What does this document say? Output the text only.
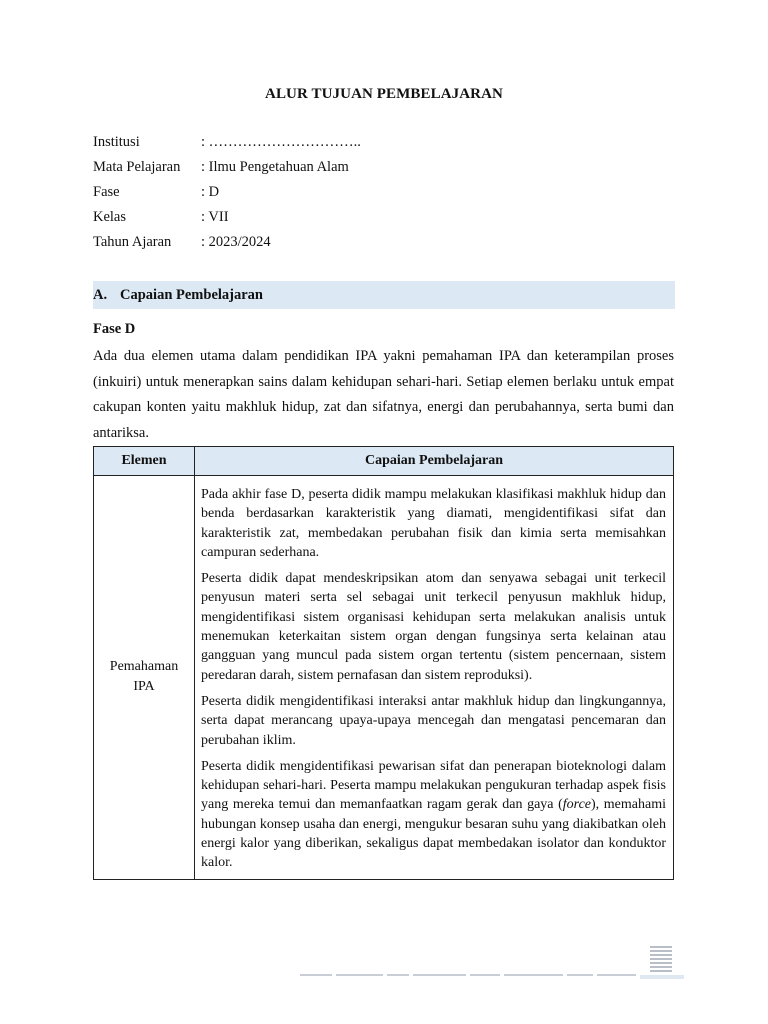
ALUR TUJUAN PEMBELAJARAN
Institusi	: …………………………..
Mata Pelajaran	: Ilmu Pengetahuan Alam
Fase	: D
Kelas	: VII
Tahun Ajaran	: 2023/2024
A. Capaian Pembelajaran
Fase D
Ada dua elemen utama dalam pendidikan IPA yakni pemahaman IPA dan keterampilan proses (inkuiri) untuk menerapkan sains dalam kehidupan sehari-hari. Setiap elemen berlaku untuk empat cakupan konten yaitu makhluk hidup, zat dan sifatnya, energi dan perubahannya, serta bumi dan antariksa.
Elemen	Capaian Pembelajaran
Pemahaman IPA	Pada akhir fase D, peserta didik mampu melakukan klasifikasi makhluk hidup dan benda berdasarkan karakteristik yang diamati, mengidentifikasi sifat dan karakteristik zat, membedakan perubahan fisik dan kimia serta memisahkan campuran sederhana.

Peserta didik dapat mendeskripsikan atom dan senyawa sebagai unit terkecil penyusun materi serta sel sebagai unit terkecil penyusun makhluk hidup, mengidentifikasi sistem organisasi kehidupan serta melakukan analisis untuk menemukan keterkaitan sistem organ dengan fungsinya serta kelainan atau gangguan yang muncul pada sistem organ tertentu (sistem pencernaan, sistem peredaran darah, sistem pernafasan dan sistem reproduksi).

Peserta didik mengidentifikasi interaksi antar makhluk hidup dan lingkungannya, serta dapat merancang upaya-upaya mencegah dan mengatasi pencemaran dan perubahan iklim.

Peserta didik mengidentifikasi pewarisan sifat dan penerapan bioteknologi dalam kehidupan sehari-hari. Peserta mampu melakukan pengukuran terhadap aspek fisis yang mereka temui dan memanfaatkan ragam gerak dan gaya (force), memahami hubungan konsep usaha dan energi, mengukur besaran suhu yang diakibatkan oleh energi kalor yang diberikan, sekaligus dapat membedakan isolator dan konduktor kalor.
